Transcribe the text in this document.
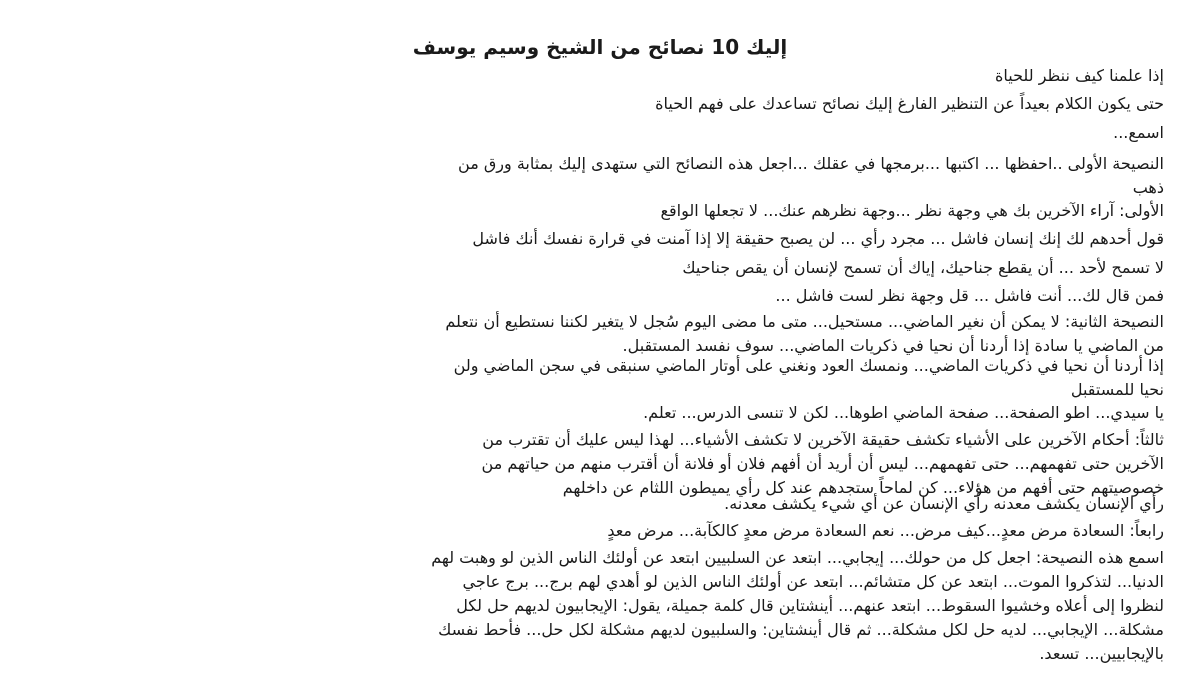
إليك 10 نصائح من الشيخ وسيم يوسف
إذا علمنا كيف ننظر للحياة
حتى يكون الكلام بعيداً عن التنظير الفارغ إليك نصائح تساعدك على فهم الحياة
اسمع...
النصيحة الأولى ..احفظها ... اكتبها ...برمجها في عقلك ...اجعل هذه النصائح التي ستهدى إليك بمثابة ورق من
ذهب
الأولى: آراء الآخرين بك هي وجهة نظر ...وجهة نظرهم عنك... لا تجعلها الواقع
قول أحدهم لك إنك إنسان فاشل ... مجرد رأي ... لن يصبح حقيقة إلا إذا آمنت في قرارة نفسك أنك فاشل
لا تسمح لأحد ... أن يقطع جناحيك، إياك أن تسمح لإنسان أن يقص جناحيك
فمن قال لك... أنت فاشل ... قل وجهة نظر لست فاشل ...
النصيحة الثانية: لا يمكن أن نغير الماضي... مستحيل... متى ما مضى اليوم سُجل لا يتغير لكننا نستطيع أن نتعلم
من الماضي يا سادة إذا أردنا أن نحيا في ذكريات الماضي... سوف نفسد المستقبل.
إذا أردنا أن نحيا في ذكريات الماضي... ونمسك العود ونغني على أوتار الماضي سنبقى في سجن الماضي ولن
نحيا للمستقبل
يا سيدي... اطو الصفحة... صفحة الماضي اطوها... لكن لا تنسى الدرس... تعلم.
ثالثاً: أحكام الآخرين على الأشياء تكشف حقيقة الآخرين لا تكشف الأشياء... لهذا ليس عليك أن تقترب من
الآخرين حتى تفهمهم... حتى تفهمهم... ليس أن أريد أن أفهم فلان أو فلانة أن أقترب منهم من حياتهم من
خصوصيتهم حتى أفهم من هؤلاء... كن لماحاً ستجدهم عند كل رأي يميطون اللثام عن داخلهم
رأي الإنسان يكشف معدنه رأي الإنسان عن أي شيء يكشف معدنه.
رابعاً: السعادة مرض معدٍ...كيف مرض... نعم السعادة مرض معدٍ كالكآبة... مرض معدٍ
اسمع هذه النصيحة: اجعل كل من حولك... إيجابي... ابتعد عن السلبيين ابتعد عن أولئك الناس الذين لو وهبت لهم
الدنيا... لتذكروا الموت... ابتعد عن كل متشائم... ابتعد عن أولئك الناس الذين لو أهدي لهم برج... برج عاجي
لنظروا إلى أعلاه وخشيوا السقوط... ابتعد عنهم... أينشتاين قال كلمة جميلة، يقول: الإيجابيون لديهم حل لكل
مشكلة... الإيجابي... لديه حل لكل مشكلة... ثم قال أينشتاين: والسلبيون لديهم مشكلة لكل حل... فأحط نفسك
بالإيجابيين... تسعد.
